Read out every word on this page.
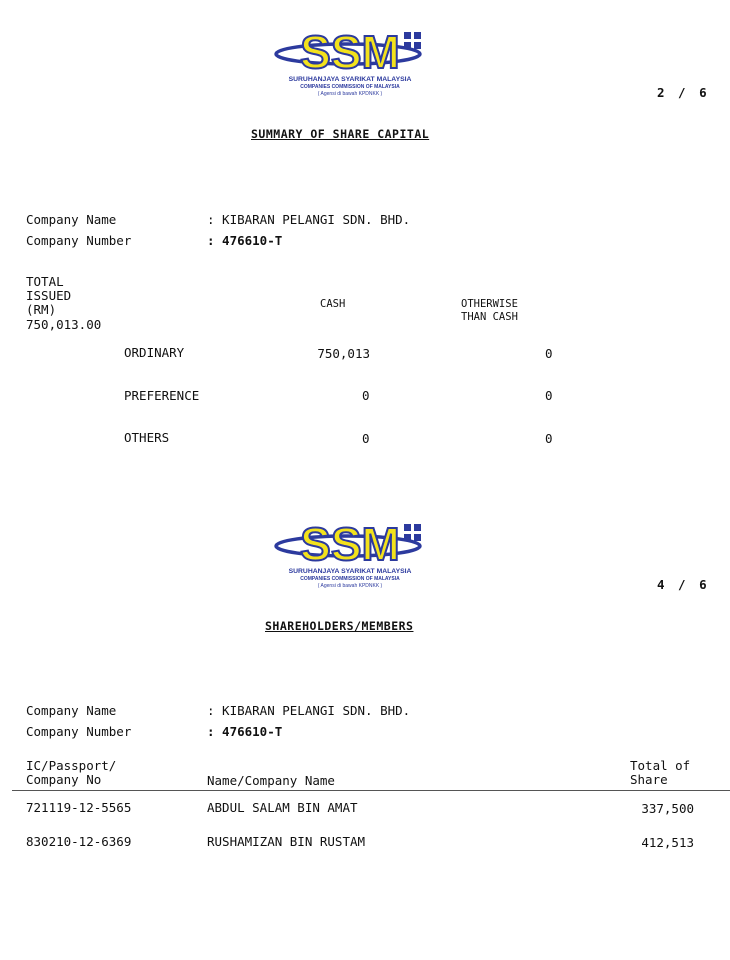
SSM
SURUHANJAYA SYARIKAT MALAYSIA
COMPANIES COMMISSION OF MALAYSIA
( Agensi di bawah KPDNKK )	2 / 6
SUMMARY OF SHARE CAPITAL
Company Name	: KIBARAN PELANGI SDN. BHD.
Company Number	: 476610-T
TOTAL
ISSUED
(RM)
750,013.00
CASH	OTHERWISE
THAN CASH
ORDINARY	750,013	0
PREFERENCE	0	0
OTHERS	0	0
SSM
SURUHANJAYA SYARIKAT MALAYSIA
COMPANIES COMMISSION OF MALAYSIA
( Agensi di bawah KPDNKK )	4 / 6
SHAREHOLDERS/MEMBERS
Company Name	: KIBARAN PELANGI SDN. BHD.
Company Number	: 476610-T
IC/Passport/
Company No	Name/Company Name
Total of
Share
721119-12-5565	ABDUL SALAM BIN AMAT	337,500
830210-12-6369	RUSHAMIZAN BIN RUSTAM	412,513
